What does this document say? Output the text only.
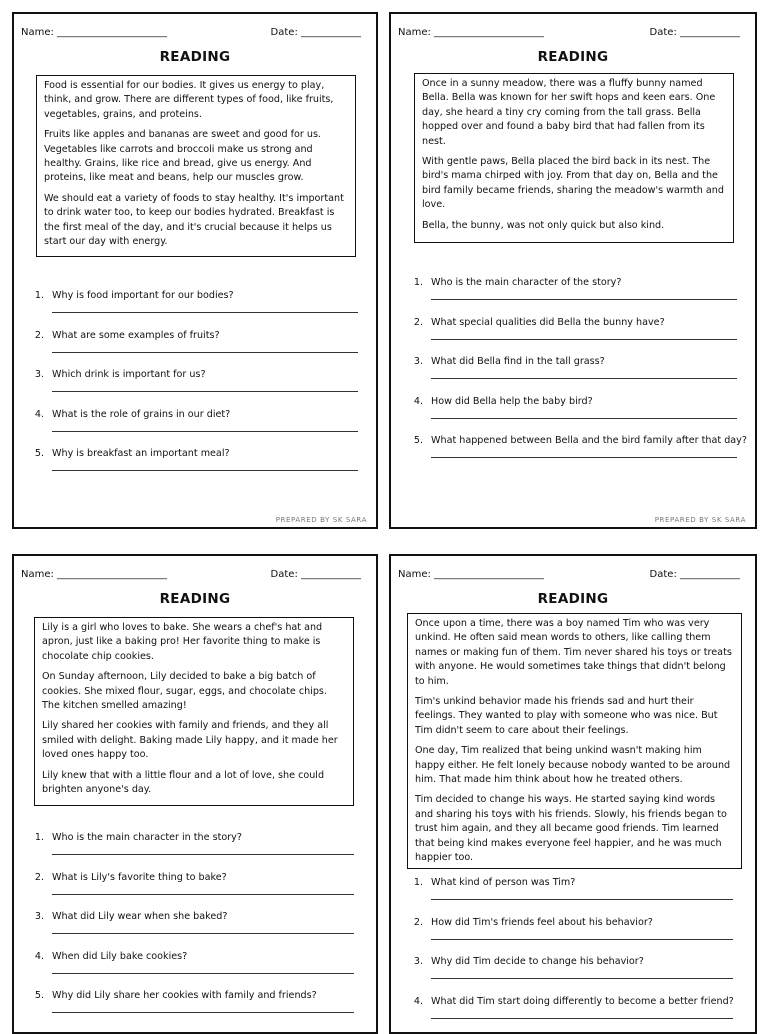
Name: ______________________	Date: ____________
READING

Food is essential for our bodies. It gives us energy to play, think, and grow. There are different types of food, like fruits, vegetables, grains, and proteins.

Fruits like apples and bananas are sweet and good for us. Vegetables like carrots and broccoli make us strong and healthy. Grains, like rice and bread, give us energy. And proteins, like meat and beans, help our muscles grow.

We should eat a variety of foods to stay healthy. It's important to drink water too, to keep our bodies hydrated. Breakfast is the first meal of the day, and it's crucial because it helps us start our day with energy.

1. Why is food important for our bodies?
2. What are some examples of fruits?
3. Which drink is important for us?
4. What is the role of grains in our diet?
5. Why is breakfast an important meal?
PREPARED BY SK SARA
Name: ______________________	Date: ____________
READING

Once in a sunny meadow, there was a fluffy bunny named Bella. Bella was known for her swift hops and keen ears. One day, she heard a tiny cry coming from the tall grass. Bella hopped over and found a baby bird that had fallen from its nest.

With gentle paws, Bella placed the bird back in its nest. The bird's mama chirped with joy. From that day on, Bella and the bird family became friends, sharing the meadow's warmth and love.

Bella, the bunny, was not only quick but also kind.

1. Who is the main character of the story?
2. What special qualities did Bella the bunny have?
3. What did Bella find in the tall grass?
4. How did Bella help the baby bird?
5. What happened between Bella and the bird family after that day?
PREPARED BY SK SARA
Name: ______________________	Date: ____________
READING

Lily is a girl who loves to bake. She wears a chef's hat and apron, just like a baking pro! Her favorite thing to make is chocolate chip cookies.

On Sunday afternoon, Lily decided to bake a big batch of cookies. She mixed flour, sugar, eggs, and chocolate chips. The kitchen smelled amazing!

Lily shared her cookies with family and friends, and they all smiled with delight. Baking made Lily happy, and it made her loved ones happy too.

Lily knew that with a little flour and a lot of love, she could brighten anyone's day.

1. Who is the main character in the story?
2. What is Lily's favorite thing to bake?
3. What did Lily wear when she baked?
4. When did Lily bake cookies?
5. Why did Lily share her cookies with family and friends?
Name: ______________________	Date: ____________
READING

Once upon a time, there was a boy named Tim who was very unkind. He often said mean words to others, like calling them names or making fun of them. Tim never shared his toys or treats with anyone. He would sometimes take things that didn't belong to him.

Tim's unkind behavior made his friends sad and hurt their feelings. They wanted to play with someone who was nice. But Tim didn't seem to care about their feelings.

One day, Tim realized that being unkind wasn't making him happy either. He felt lonely because nobody wanted to be around him. That made him think about how he treated others.

Tim decided to change his ways. He started saying kind words and sharing his toys with his friends. Slowly, his friends began to trust him again, and they all became good friends. Tim learned that being kind makes everyone feel happier, and he was much happier too.

1. What kind of person was Tim?
2. How did Tim's friends feel about his behavior?
3. Why did Tim decide to change his behavior?
4. What did Tim start doing differently to become a better friend?
